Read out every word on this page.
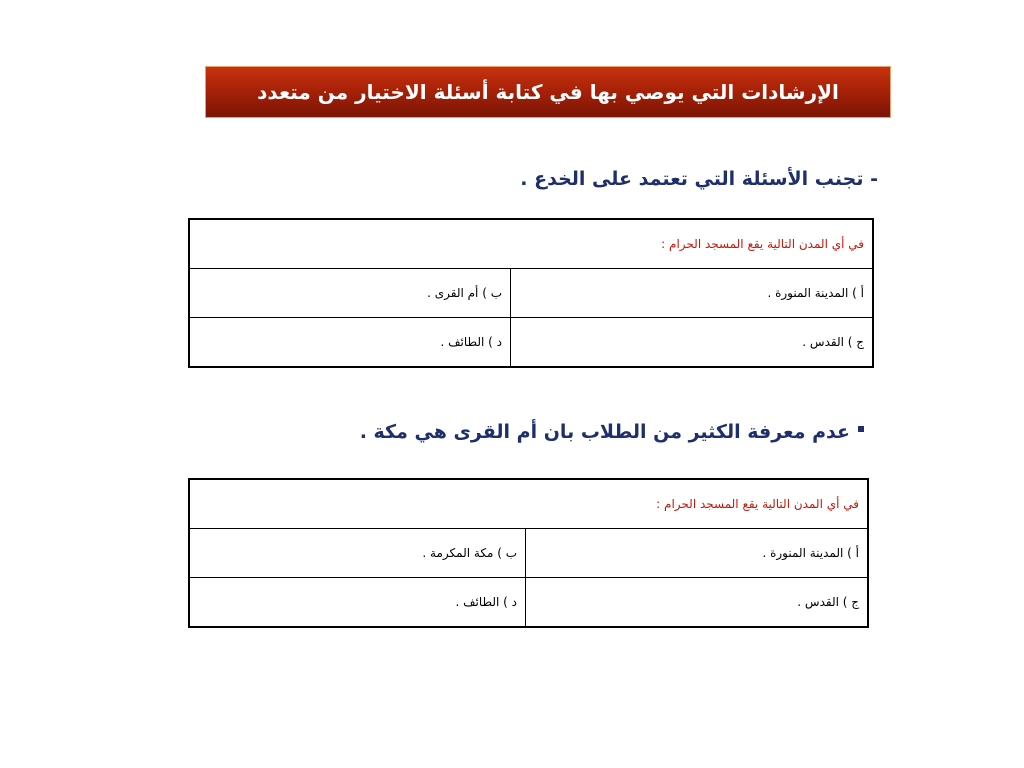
الإرشادات التي يوصي بها في كتابة أسئلة الاختيار من متعدد
- تجنب الأسئلة التي تعتمد على الخدع .
في أي المدن التالية يقع المسجد الحرام :	
أ ) المدينة المنورة .	ب ) أم القرى .
ج ) القدس .	د ) الطائف .
عدم معرفة الكثير من الطلاب بان أم القرى هي مكة .
في أي المدن التالية يقع المسجد الحرام :	
أ ) المدينة المنورة .	ب ) مكة المكرمة .
ج ) القدس .	د ) الطائف .
